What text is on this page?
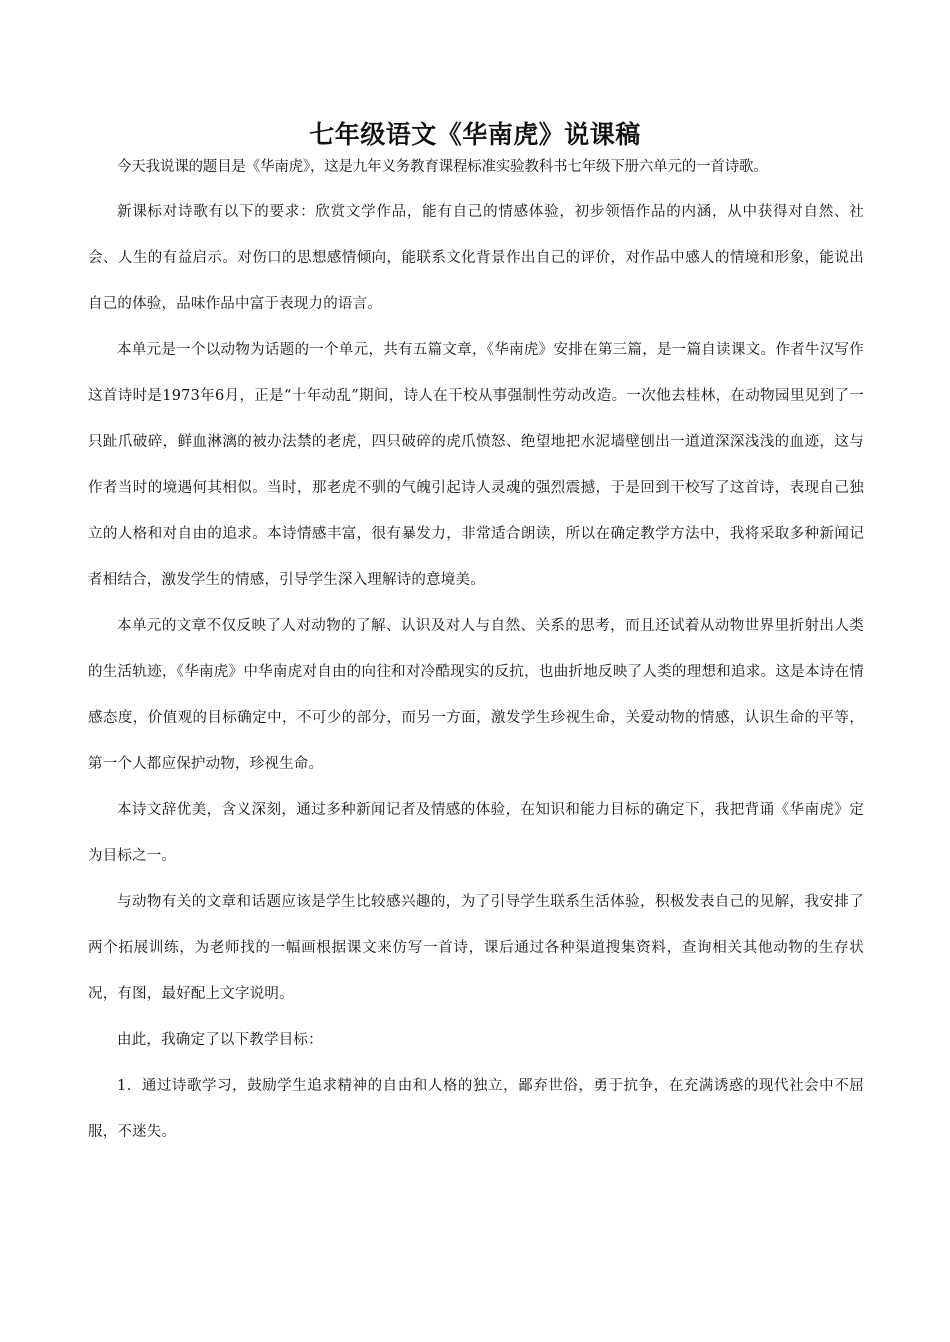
七年级语文《华南虎》说课稿

今天我说课的题目是《华南虎》，这是九年义务教育课程标准实验教科书七年级下册六单元的一首诗歌。

新课标对诗歌有以下的要求：欣赏文学作品，能有自己的情感体验，初步领悟作品的内涵，从中获得对自然、社会、人生的有益启示。对伤口的思想感情倾向，能联系文化背景作出自己的评价，对作品中感人的情境和形象，能说出自己的体验，品味作品中富于表现力的语言。

本单元是一个以动物为话题的一个单元，共有五篇文章，《华南虎》安排在第三篇，是一篇自读课文。作者牛汉写作这首诗时是1973年6月，正是“十年动乱”期间，诗人在干校从事强制性劳动改造。一次他去桂林，在动物园里见到了一只趾爪破碎，鲜血淋漓的被办法禁的老虎，四只破碎的虎爪愤怒、绝望地把水泥墙壁刨出一道道深深浅浅的血迹，这与作者当时的境遇何其相似。当时，那老虎不驯的气魄引起诗人灵魂的强烈震撼，于是回到干校写了这首诗，表现自己独立的人格和对自由的追求。本诗情感丰富，很有暴发力，非常适合朗读，所以在确定教学方法中，我将采取多种新闻记者相结合，激发学生的情感，引导学生深入理解诗的意境美。

本单元的文章不仅反映了人对动物的了解、认识及对人与自然、关系的思考，而且还试着从动物世界里折射出人类的生活轨迹，《华南虎》中华南虎对自由的向往和对冷酷现实的反抗，也曲折地反映了人类的理想和追求。这是本诗在情感态度，价值观的目标确定中，不可少的部分，而另一方面，激发学生珍视生命，关爱动物的情感，认识生命的平等，第一个人都应保护动物，珍视生命。

本诗文辞优美，含义深刻，通过多种新闻记者及情感的体验，在知识和能力目标的确定下，我把背诵《华南虎》定为目标之一。

与动物有关的文章和话题应该是学生比较感兴趣的，为了引导学生联系生活体验，积极发表自己的见解，我安排了两个拓展训练，为老师找的一幅画根据课文来仿写一首诗，课后通过各种渠道搜集资料，查询相关其他动物的生存状况，有图，最好配上文字说明。

由此，我确定了以下教学目标：

1．通过诗歌学习，鼓励学生追求精神的自由和人格的独立，鄙弃世俗，勇于抗争，在充满诱惑的现代社会中不屈服，不迷失。
